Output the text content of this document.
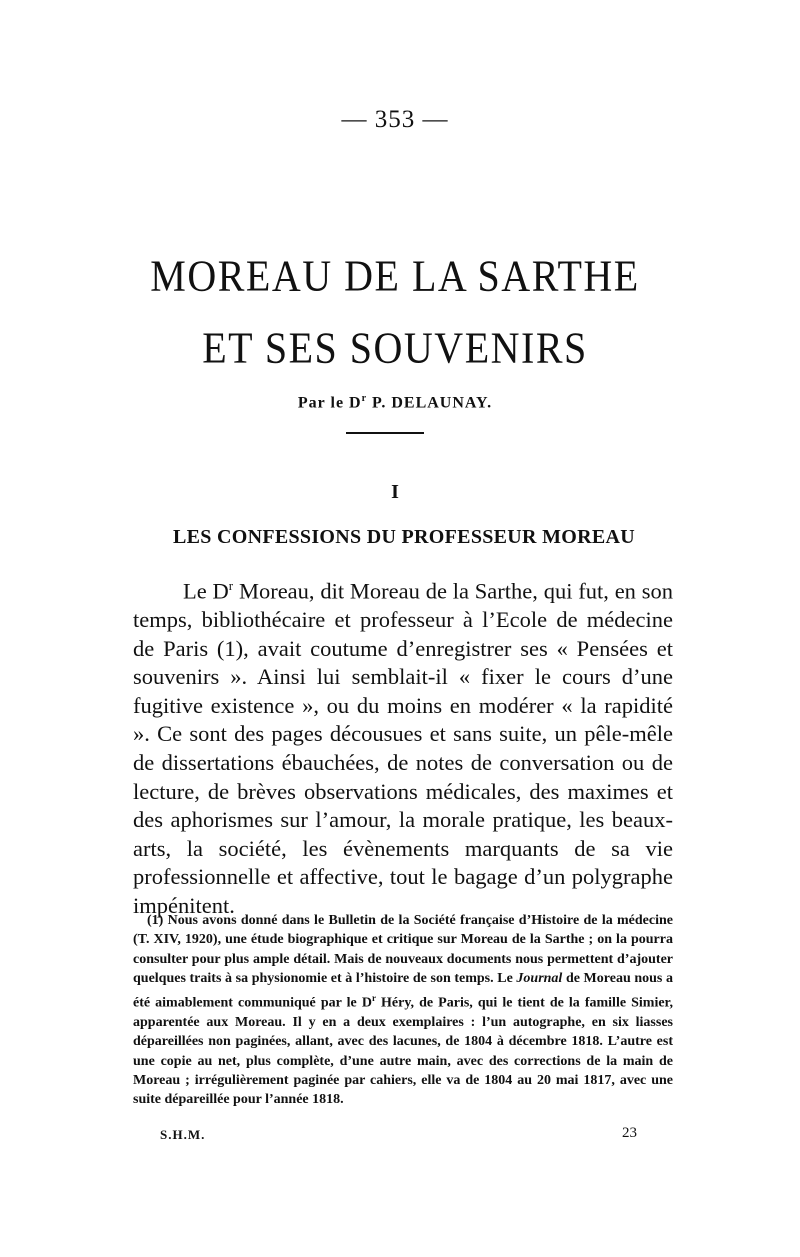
— 353 —
MOREAU DE LA SARTHE
ET SES SOUVENIRS
Par le $D^r$ P. DELAUNAY.
I
LES CONFESSIONS DU PROFESSEUR MOREAU

Le $D^r$ Moreau, dit Moreau de la Sarthe, qui fut, en son temps, bibliothécaire et professeur à l’Ecole de médecine de Paris (1), avait coutume d’enregistrer ses « Pensées et souvenirs ». Ainsi lui semblait-il « fixer le cours d’une fugitive existence », ou du moins en modérer « la rapidité ». Ce sont des pages décousues et sans suite, un pêle-mêle de dissertations ébauchées, de notes de conversation ou de lecture, de brèves observations médicales, des maximes et des aphorismes sur l’amour, la morale pratique, les beaux-arts, la société, les évènements marquants de sa vie professionnelle et affective, tout le bagage d’un polygraphe impénitent.

(1) Nous avons donné dans le Bulletin de la Société française d’Histoire de la médecine (T. XIV, 1920), une étude biographique et critique sur Moreau de la Sarthe ; on la pourra consulter pour plus ample détail. Mais de nouveaux documents nous permettent d’ajouter quelques traits à sa physionomie et à l’histoire de son temps. Le Journal de Moreau nous a été aimablement communiqué par le $D^r$ Héry, de Paris, qui le tient de la famille Simier, apparentée aux Moreau. Il y en a deux exemplaires : l’un autographe, en six liasses dépareillées non paginées, allant, avec des lacunes, de 1804 à décembre 1818. L’autre est une copie au net, plus complète, d’une autre main, avec des corrections de la main de Moreau ; irrégulièrement paginée par cahiers, elle va de 1804 au 20 mai 1817, avec une suite dépareillée pour l’année 1818.

S.H.M.	23
